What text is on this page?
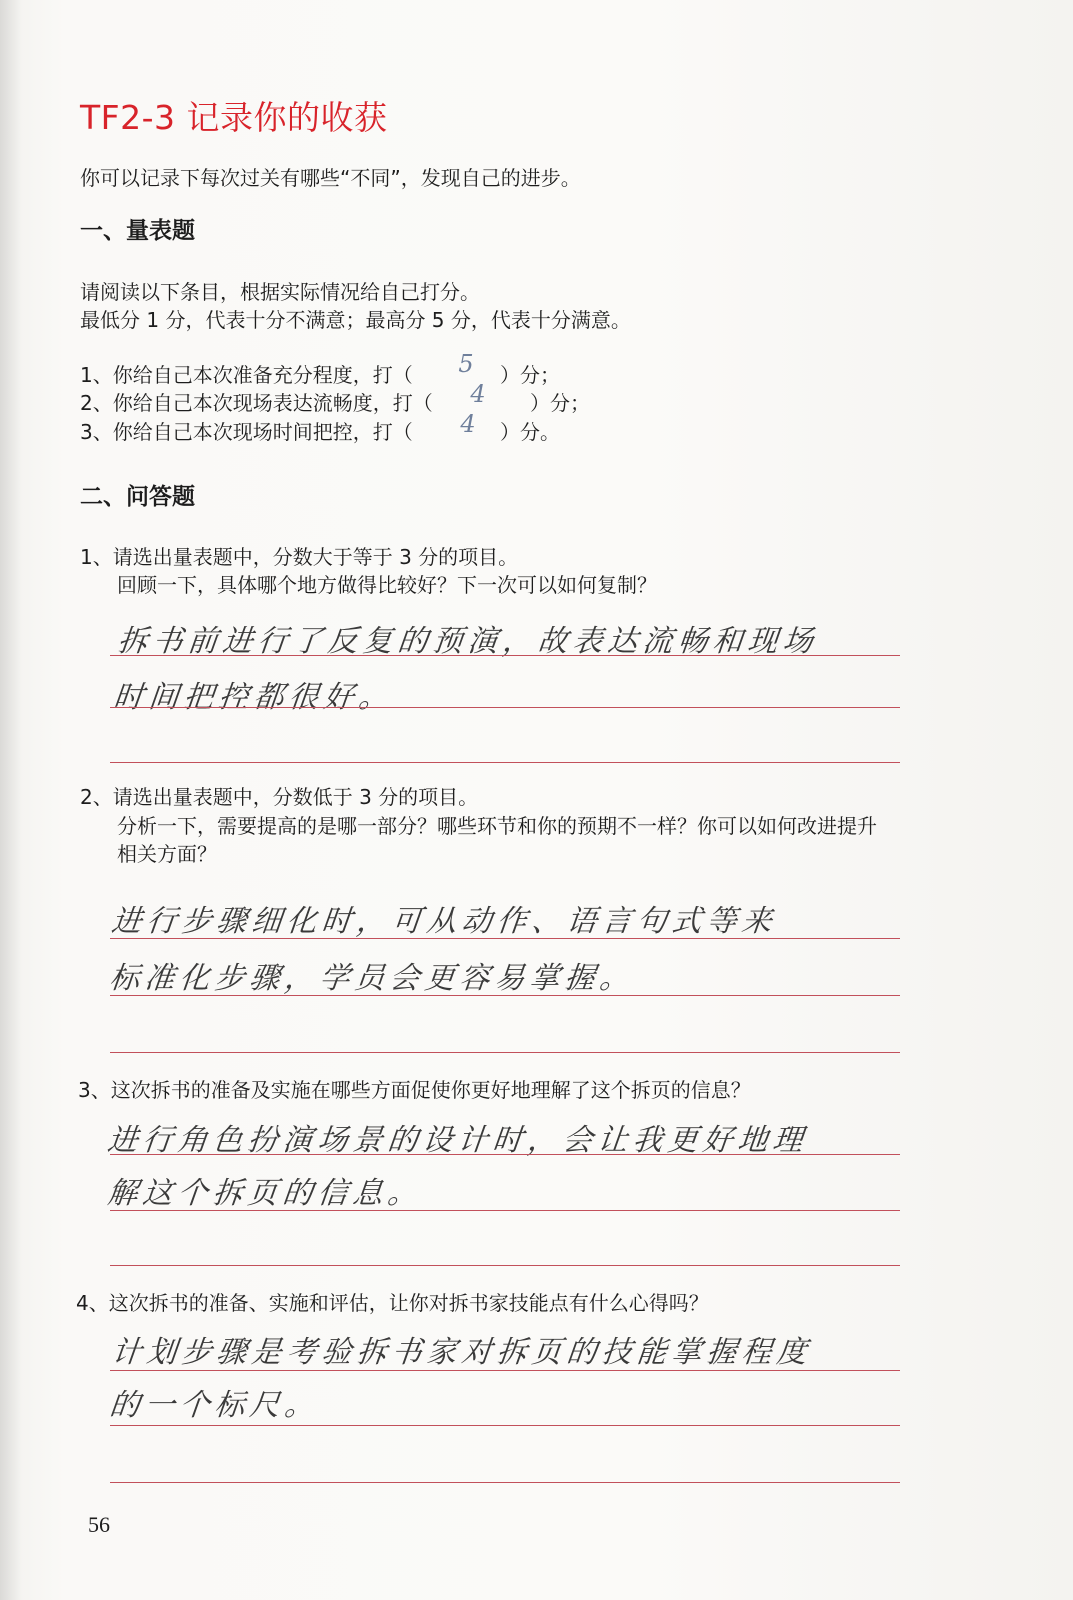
TF2-3 记录你的收获
你可以记录下每次过关有哪些“不同”，发现自己的进步。
一、量表题
请阅读以下条目，根据实际情况给自己打分。
最低分 1 分，代表十分不满意；最高分 5 分，代表十分满意。
1、你给自己本次准备充分程度，打（	5	）分；
2、你给自己本次现场表达流畅度，打（	4	）分；
3、你给自己本次现场时间把控，打（	4	）分。
二、问答题
1、请选出量表题中，分数大于等于 3 分的项目。
回顾一下，具体哪个地方做得比较好？下一次可以如何复制？
拆书前进行了反复的预演，故表达流畅和现场
时间把控都很好。
2、请选出量表题中，分数低于 3 分的项目。
分析一下，需要提高的是哪一部分？哪些环节和你的预期不一样？你可以如何改进提升
相关方面？
进行步骤细化时，可从动作、语言句式等来
标准化步骤，学员会更容易掌握。
3、这次拆书的准备及实施在哪些方面促使你更好地理解了这个拆页的信息？
进行角色扮演场景的设计时，会让我更好地理
解这个拆页的信息。
4、这次拆书的准备、实施和评估，让你对拆书家技能点有什么心得吗？
计划步骤是考验拆书家对拆页的技能掌握程度
的一个标尺。
56
